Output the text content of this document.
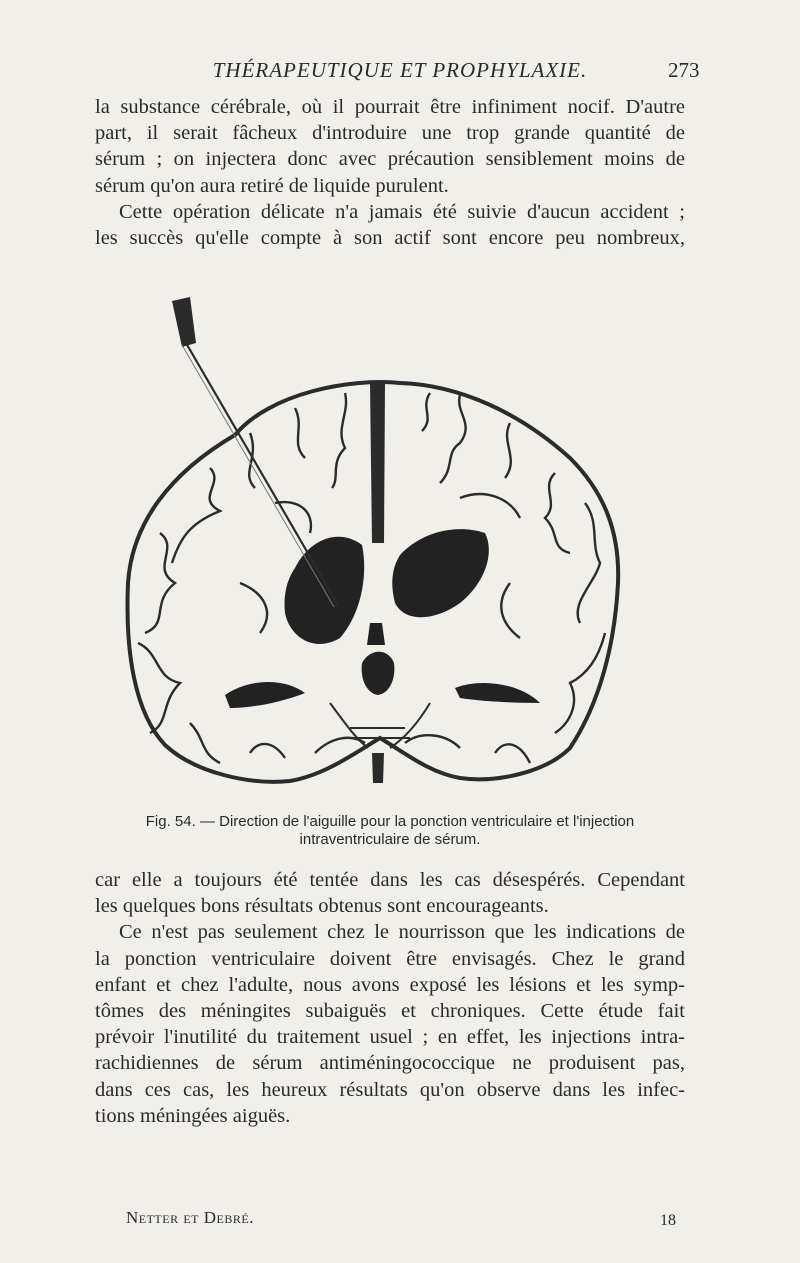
THÉRAPEUTIQUE ET PROPHYLAXIE.	273

la substance cérébrale, où il pourrait être infiniment nocif. D'autre
part, il serait fâcheux d'introduire une trop grande quantité de
sérum ; on injectera donc avec précaution sensiblement moins de
sérum qu'on aura retiré de liquide purulent.
Cette opération délicate n'a jamais été suivie d'aucun accident ;
les succès qu'elle compte à son actif sont encore peu nombreux,

Fig. 54. — Direction de l'aiguille pour la ponction ventriculaire et l'injection
intraventriculaire de sérum.

car elle a toujours été tentée dans les cas désespérés. Cependant
les quelques bons résultats obtenus sont encourageants.
Ce n'est pas seulement chez le nourrisson que les indications de
la ponction ventriculaire doivent être envisagés. Chez le grand
enfant et chez l'adulte, nous avons exposé les lésions et les symp-
tômes des méningites subaiguës et chroniques. Cette étude fait
prévoir l'inutilité du traitement usuel ; en effet, les injections intra-
rachidiennes de sérum antiméningococcique ne produisent pas,
dans ces cas, les heureux résultats qu'on observe dans les infec-
tions méningées aiguës.

Netter et Debré.	18
